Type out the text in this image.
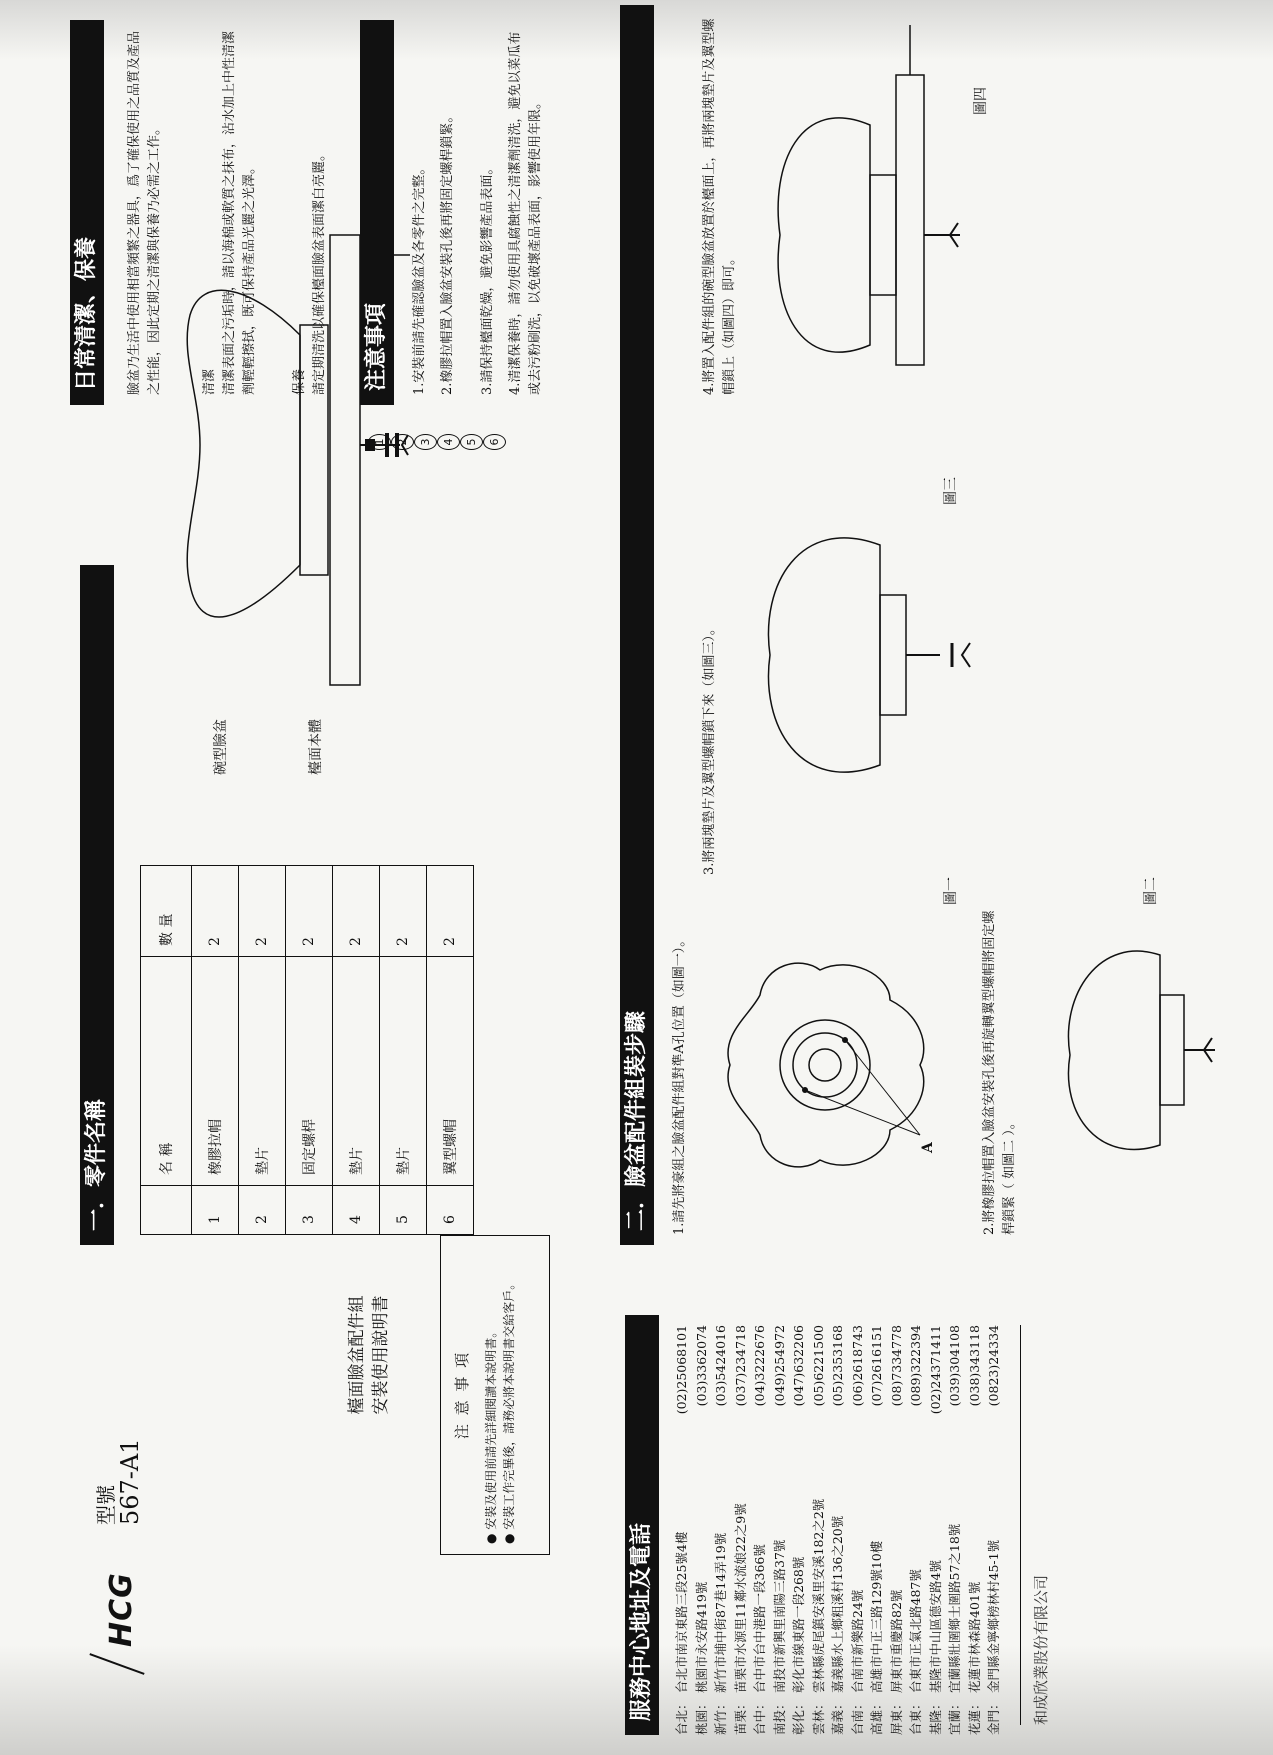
HCG
型號
567-A1
檯面臉盆配件組 安裝使用說明書	注 意 事 項
● 安裝及使用前請先詳細閱讀本說明書。
● 安裝工作完畢後，請務必將本說明書交給客戶。
服務中心地址及電話	台北：
台北市南京東路三段25號4樓
(02)25068101
桃園：
桃園市永安路419號
(03)3362074
新竹：
新竹市埔中街87巷14弄19號
(03)5424016
苗栗：
苗栗市水源里11鄰水流娘22之9號
(037)234718
台中：
台中市台中港路一段366號
(04)3222676
南投：
南投市新興里南陽三路37號
(049)254972
彰化：
彰化市線東路一段268號
(047)632206
雲林：
雲林縣虎尾鎮安溪里安溪182之2號
(05)6221500
嘉義：
嘉義縣水上鄉粗溪村136之20號
(05)2353168
台南：
台南市新樂路24號
(06)2618743
高雄：
高雄市中正三路129號10樓
(07)2616151
屏東：
屏東市重慶路82號
(08)7334778
台東：
台東市正氣北路487號
(089)322394
基隆：
基隆市中山區德安路4號
(02)24371411
宜蘭：
宜蘭縣壯圍鄉士圍路57之18號
(039)304108
花蓮：
花蓮市林森路401號
(038)343118
金門：
金門縣金寧鄉榜林村45-1號
(0823)24334
和成欣業股份有限公司
一．零件名稱
		名 稱	數 量
1	橡膠拉帽	2
2	墊片	2
3	固定螺桿	2
4	墊片	2
5	墊片	2
6	翼型螺帽	2
碗型臉盆	檯面本體
1 2 3 4 5 6
二．臉盆配件組裝步驟	1.請先將豪組之臉盆配件組對準A孔位置（如圖一）。	A
圖一
2.將橡膠拉帽置入臉盆安裝孔後再旋轉翼型螺帽將固定螺桿鎖緊（ 如圖二 ）。
圖二
3.將兩塊墊片及翼型螺帽鎖下來（如圖三）。
圖三
4.將置入配件組的碗型臉盆放置於檯面上，再將兩塊墊片及翼型螺帽鎖上（如圖四）即可。
圖四
日常清潔、保養	臉盆乃生活中使用相當頻繁之器具，爲了確保使用之品質及產品之性能，因此定期之清潔與保養乃必需之工作。	清潔 清潔表面之污垢時，請以海棉或軟質之抹布，沾水加上中性清潔劑輕輕擦拭，既可保持產品光麗之光澤。	保養 請定期清洗以確保檯面臉盆表面潔白亮麗。 注意事項	1.安裝前請先確認臉盆及各零件之完整。 2.橡膠拉帽置入臉盆安裝孔後再將固定螺桿鎖緊。 3.請保持檯面乾燥，避免影響產品表面。 4.清潔保養時，請勿使用具腐蝕性之清潔劑清洗，避免以菜瓜布或去污粉刷洗，以免破壞產品表面，影響使用年限。
